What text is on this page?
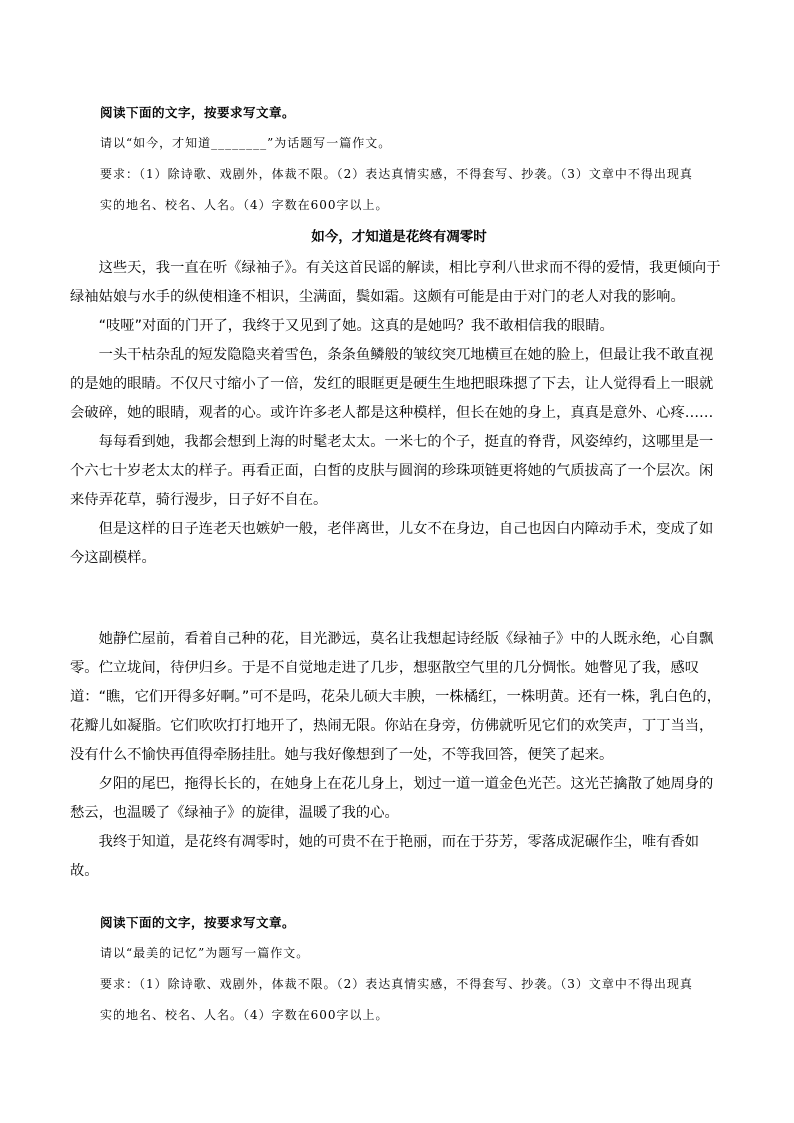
阅读下面的文字，按要求写文章。
请以“如今，才知道________”为话题写一篇作文。
要求：（1）除诗歌、戏剧外，体裁不限。（2）表达真情实感，不得套写、抄袭。（3）文章中不得出现真
实的地名、校名、人名。（4）字数在600字以上。
如今，才知道是花终有凋零时

这些天，我一直在听《绿袖子》。有关这首民谣的解读，相比亨利八世求而不得的爱情，我更倾向于绿袖姑娘与水手的纵使相逢不相识，尘满面，鬓如霜。这颇有可能是由于对门的老人对我的影响。

“吱哑”对面的门开了，我终于又见到了她。这真的是她吗？我不敢相信我的眼睛。

一头干枯杂乱的短发隐隐夹着雪色，条条鱼鳞般的皱纹突兀地横亘在她的脸上，但最让我不敢直视的是她的眼睛。不仅尺寸缩小了一倍，发红的眼眶更是硬生生地把眼珠摁了下去，让人觉得看上一眼就会破碎，她的眼睛，观者的心。或许许多老人都是这种模样，但长在她的身上，真真是意外、心疼……

每每看到她，我都会想到上海的时髦老太太。一米七的个子，挺直的脊背，风姿绰约，这哪里是一个六七十岁老太太的样子。再看正面，白皙的皮肤与圆润的珍珠项链更将她的气质拔高了一个层次。闲来侍弄花草，骑行漫步，日子好不自在。

但是这样的日子连老天也嫉妒一般，老伴离世，儿女不在身边，自己也因白内障动手术，变成了如今这副模样。

她静伫屋前，看着自己种的花，目光渺远，莫名让我想起诗经版《绿袖子》中的人既永绝，心自飘零。伫立垅间，待伊归乡。于是不自觉地走进了几步，想驱散空气里的几分惆怅。她瞥见了我，感叹道：“瞧，它们开得多好啊。”可不是吗，花朵儿硕大丰腴，一株橘红，一株明黄。还有一株，乳白色的，花瓣儿如凝脂。它们吹吹打打地开了，热闹无限。你站在身旁，仿佛就听见它们的欢笑声，丁丁当当，没有什么不愉快再值得牵肠挂肚。她与我好像想到了一处，不等我回答，便笑了起来。

夕阳的尾巴，拖得长长的，在她身上在花儿身上，划过一道一道金色光芒。这光芒擒散了她周身的愁云，也温暖了《绿袖子》的旋律，温暖了我的心。

我终于知道，是花终有凋零时，她的可贵不在于艳丽，而在于芬芳，零落成泥碾作尘，唯有香如故。

阅读下面的文字，按要求写文章。
请以“最美的记忆”为题写一篇作文。
要求：（1）除诗歌、戏剧外，体裁不限。（2）表达真情实感，不得套写、抄袭。（3）文章中不得出现真
实的地名、校名、人名。（4）字数在600字以上。
